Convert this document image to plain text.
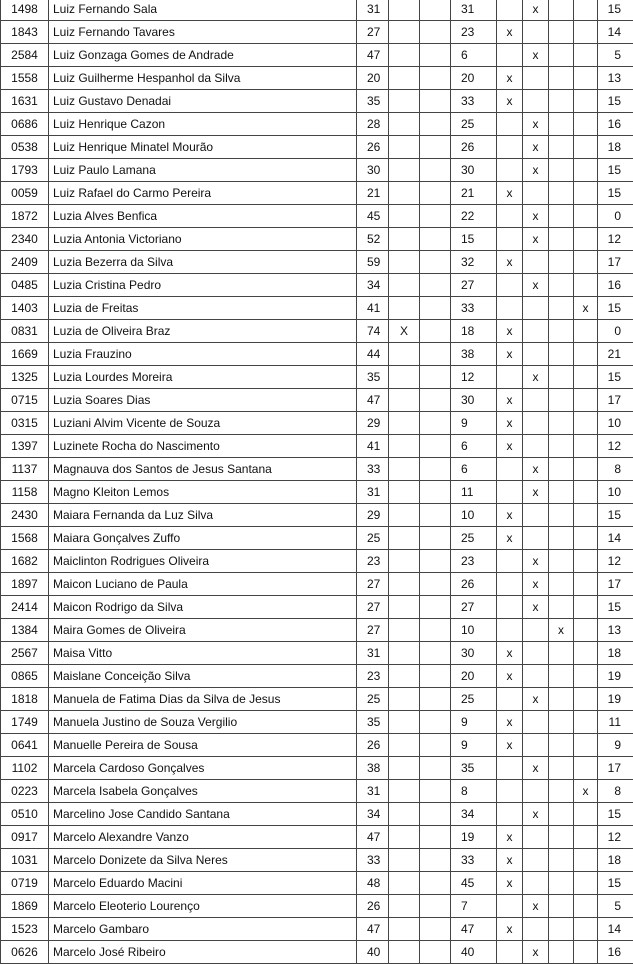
1498	Luiz Fernando Sala	31			31		x			15
1843	Luiz Fernando Tavares	27			23	x				14
2584	Luiz Gonzaga Gomes de Andrade	47			6		x			5
1558	Luiz Guilherme Hespanhol da Silva	20			20	x				13
1631	Luiz Gustavo Denadai	35			33	x				15
0686	Luiz Henrique Cazon	28			25		x			16
0538	Luiz Henrique Minatel Mourão	26			26		x			18
1793	Luiz Paulo Lamana	30			30		x			15
0059	Luiz Rafael do Carmo Pereira	21			21	x				15
1872	Luzia Alves Benfica	45			22		x			0
2340	Luzia Antonia Victoriano	52			15		x			12
2409	Luzia Bezerra da Silva	59			32	x				17
0485	Luzia Cristina Pedro	34			27		x			16
1403	Luzia de Freitas	41			33				x	15
0831	Luzia de Oliveira Braz	74	X		18	x				0
1669	Luzia Frauzino	44			38	x				21
1325	Luzia Lourdes Moreira	35			12		x			15
0715	Luzia Soares Dias	47			30	x				17
0315	Luziani Alvim Vicente de Souza	29			9	x				10
1397	Luzinete Rocha do Nascimento	41			6	x				12
1137	Magnauva dos Santos de Jesus Santana	33			6		x			8
1158	Magno Kleiton Lemos	31			11		x			10
2430	Maiara Fernanda da Luz Silva	29			10	x				15
1568	Maiara Gonçalves Zuffo	25			25	x				14
1682	Maiclinton Rodrigues Oliveira	23			23		x			12
1897	Maicon Luciano de Paula	27			26		x			17
2414	Maicon Rodrigo da Silva	27			27		x			15
1384	Maira Gomes de Oliveira	27			10			x		13
2567	Maisa Vitto	31			30	x				18
0865	Maislane Conceição Silva	23			20	x				19
1818	Manuela de Fatima Dias da Silva de Jesus	25			25		x			19
1749	Manuela Justino de Souza Vergilio	35			9	x				11
0641	Manuelle Pereira de Sousa	26			9	x				9
1102	Marcela Cardoso Gonçalves	38			35		x			17
0223	Marcela Isabela Gonçalves	31			8				x	8
0510	Marcelino Jose Candido Santana	34			34		x			15
0917	Marcelo Alexandre Vanzo	47			19	x				12
1031	Marcelo Donizete da Silva Neres	33			33	x				18
0719	Marcelo Eduardo Macini	48			45	x				15
1869	Marcelo Eleoterio Lourenço	26			7		x			5
1523	Marcelo Gambaro	47			47	x				14
0626	Marcelo José Ribeiro	40			40		x			16
